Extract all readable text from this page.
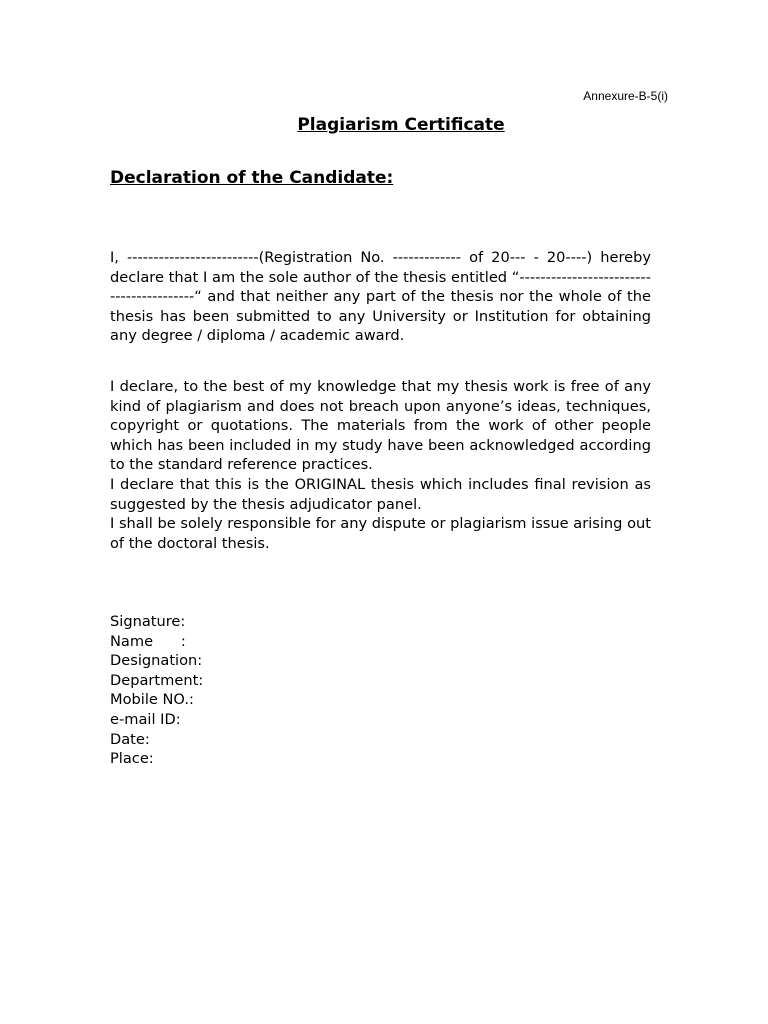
Annexure-B-5(i)
Plagiarism Certificate
Declaration of the Candidate:

I, -------------------------(Registration No. ------------- of 20--- - 20----) hereby declare that I am the sole author of the thesis entitled “-----------------------------------------“ and that neither any part of the thesis nor the whole of the thesis has been submitted to any University or Institution for obtaining any degree / diploma / academic award.

I declare, to the best of my knowledge that my thesis work is free of any kind of plagiarism and does not breach upon anyone’s ideas, techniques, copyright or quotations. The materials from the work of other people which has been included in my study have been acknowledged according to the standard reference practices.

I declare that this is the ORIGINAL thesis which includes final revision as suggested by the thesis adjudicator panel.

I shall be solely responsible for any dispute or plagiarism issue arising out of the doctoral thesis.

Signature:
Name      :
Designation:
Department:
Mobile NO.:
e-mail ID:
Date:
Place:
